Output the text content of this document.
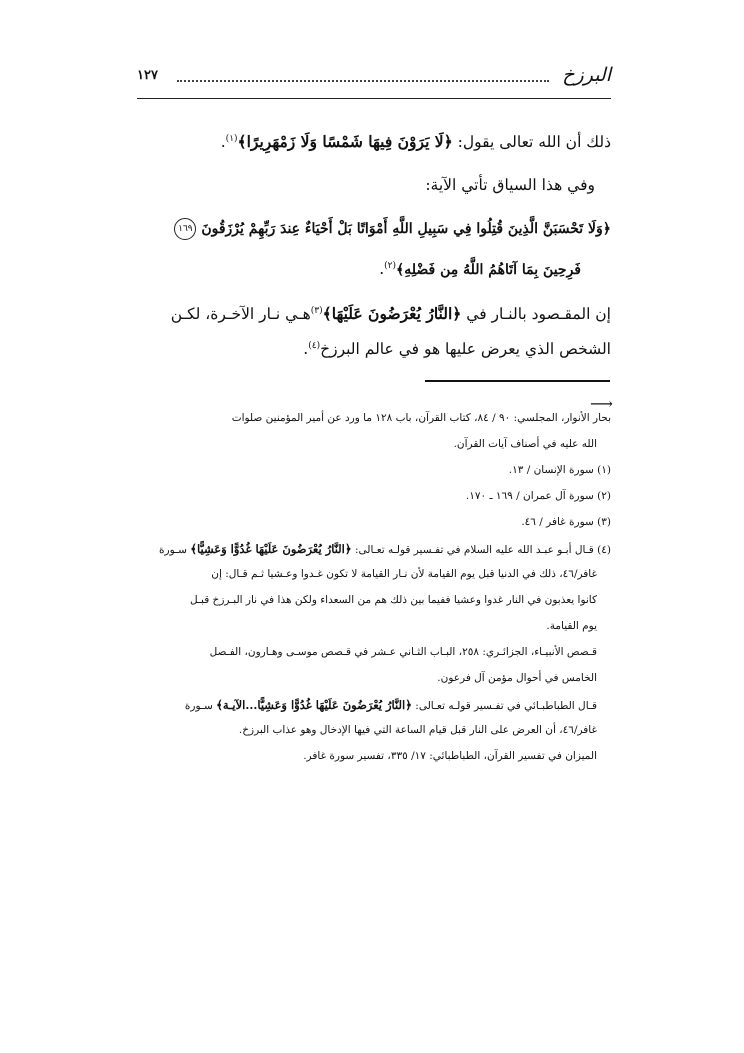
البرزخ
١٢٧
ذلك أن الله تعالى يقول: ﴿لَا يَرَوْنَ فِيهَا شَمْسًا وَلَا زَمْهَرِيرًا﴾$^{(١)}$.
وفي هذا السياق تأتي الآية:
﴿وَلَا تَحْسَبَنَّ الَّذِينَ قُتِلُوا فِي سَبِيلِ اللَّهِ أَمْوَاتًا بَلْ أَحْيَاءٌ عِندَ رَبِّهِمْ يُرْزَقُونَ ١٦٩
فَرِحِينَ بِمَا آتَاهُمُ اللَّهُ مِن فَضْلِهِ﴾$^{(٢)}$.
إن المقـصود بالنـار في ﴿النَّارُ يُعْرَضُونَ عَلَيْهَا﴾$^{(٣)}$هـي نـار الآخـرة، لكـن
الشخص الذي يعرض عليها هو في عالم البرزخ$^{(٤)}$.
⟶
بحار الأنوار، المجلسي: ٩٠ / ٨٤، كتاب القرآن، باب ١٢٨ ما ورد عن أمير المؤمنين صلوات
الله عليه في أصناف آيات القرآن.
(١) سورة الإنسان / ١٣.
(٢) سورة آل عمران / ١٦٩ ـ ١٧٠.
(٣) سورة غافر / ٤٦.
(٤) قـال أبـو عبـد الله عليه السلام في تفـسير قولـه تعـالى: ﴿النَّارُ يُعْرَضُونَ عَلَيْهَا غُدُوًّا وَعَشِيًّا﴾ سـورة
غافر/٤٦، ذلك في الدنيا قبل يوم القيامة لأن نـار القيامة لا تكون غـدوا وعـشيا ثـم قـال: إن
كانوا يعذبون في النار غدوا وعشيا ففيما بين ذلك هم من السعداء ولكن هذا في نار البـرزخ قبـل
يوم القيامة.
قـصص الأنبيـاء، الجزائـري: ٢٥٨، البـاب الثـاني عـشر في قـصص موسـى وهـارون، الفـصل
الخامس في أحوال مؤمن آل فرعون.
قـال الطباطبـائي في تفـسير قولـه تعـالى: ﴿النَّارُ يُعْرَضُونَ عَلَيْهَا غُدُوًّا وَعَشِيًّا...الآيـة﴾ سـورة
غافر/٤٦، أن العرض على النار قبل قيام الساعة التي فيها الإدخال وهو عذاب البرزخ.
الميزان في تفسير القرآن، الطباطبائي: ١٧/ ٣٣٥، تفسير سورة غافر.
